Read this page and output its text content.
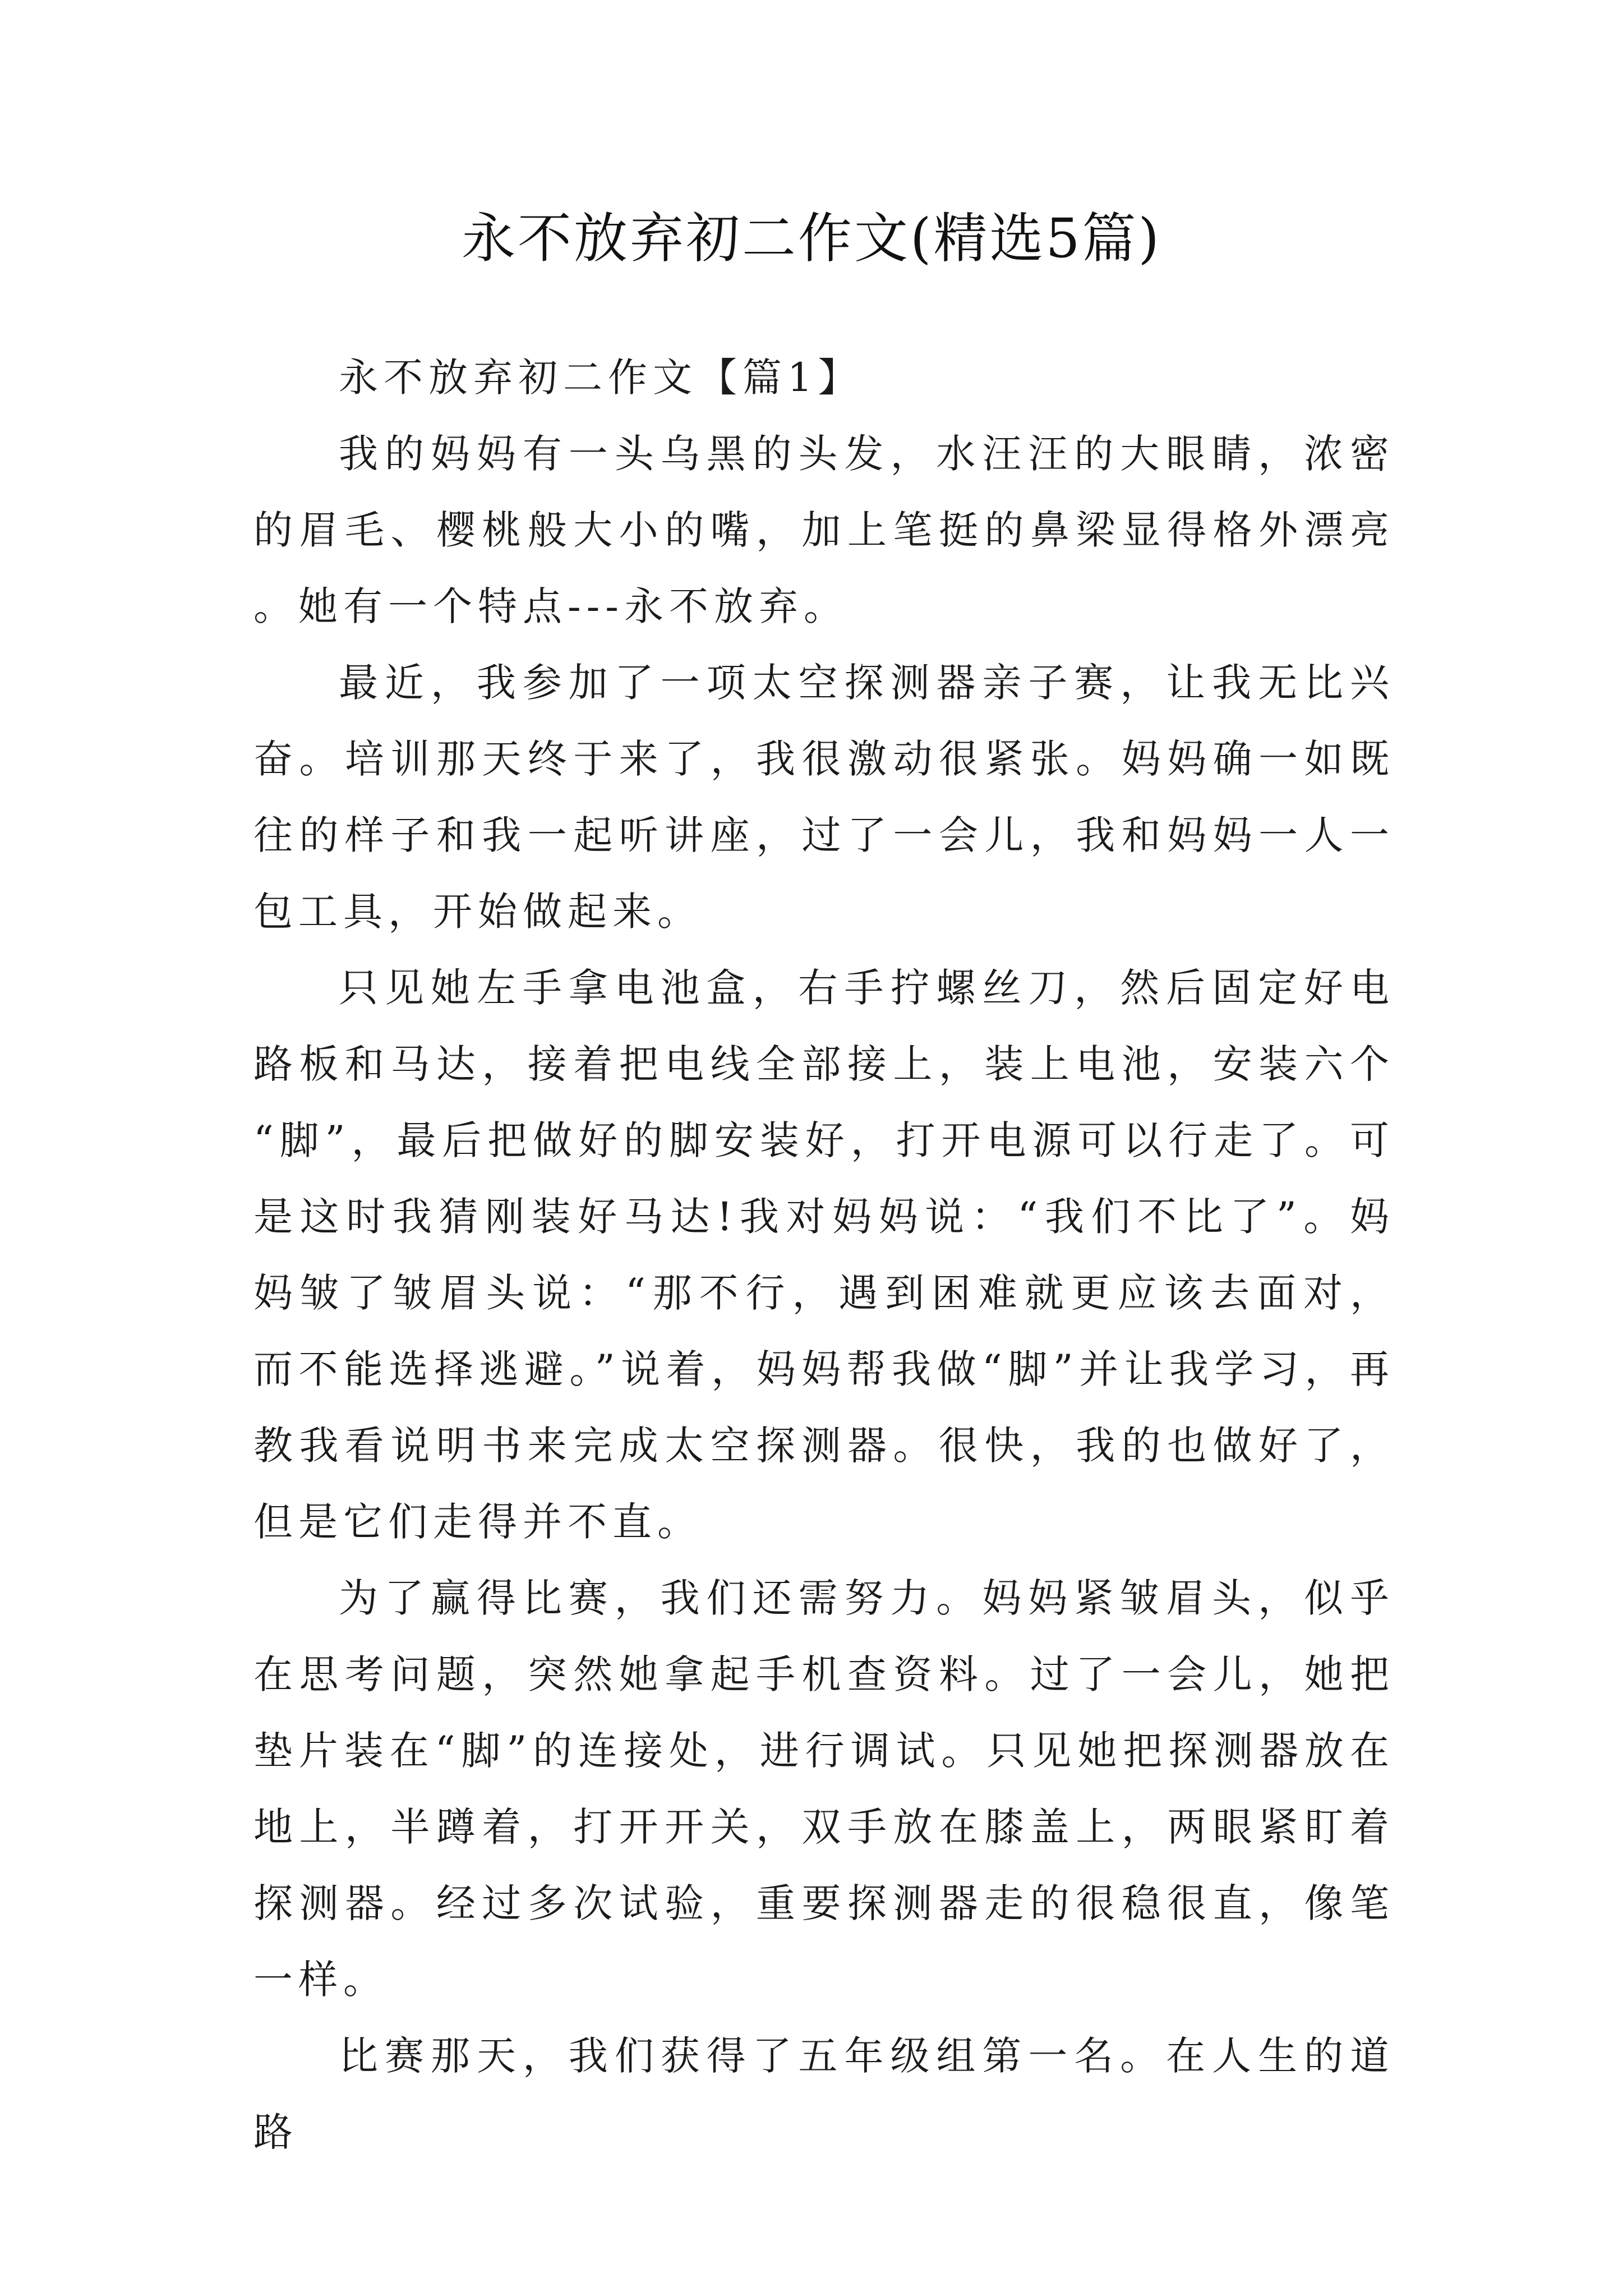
永不放弃初二作文(精选5篇)
永不放弃初二作文【篇1】

我的妈妈有一头乌黑的头发，水汪汪的大眼睛，浓密的眉毛、樱桃般大小的嘴，加上笔挺的鼻梁显得格外漂亮。她有一个特点---永不放弃。

最近，我参加了一项太空探测器亲子赛，让我无比兴奋。培训那天终于来了，我很激动很紧张。妈妈确一如既往的样子和我一起听讲座，过了一会儿，我和妈妈一人一包工具，开始做起来。

只见她左手拿电池盒，右手拧螺丝刀，然后固定好电路板和马达，接着把电线全部接上，装上电池，安装六个“脚”，最后把做好的脚安装好，打开电源可以行走了。可是这时我猜刚装好马达!我对妈妈说：“我们不比了”。妈妈皱了皱眉头说：“那不行，遇到困难就更应该去面对，而不能选择逃避。”说着，妈妈帮我做“脚”并让我学习，再教我看说明书来完成太空探测器。很快，我的也做好了，但是它们走得并不直。

为了赢得比赛，我们还需努力。妈妈紧皱眉头，似乎在思考问题，突然她拿起手机查资料。过了一会儿，她把垫片装在“脚”的连接处，进行调试。只见她把探测器放在地上，半蹲着，打开开关，双手放在膝盖上，两眼紧盯着探测器。经过多次试验，重要探测器走的很稳很直，像笔一样。

比赛那天，我们获得了五年级组第一名。在人生的道路
